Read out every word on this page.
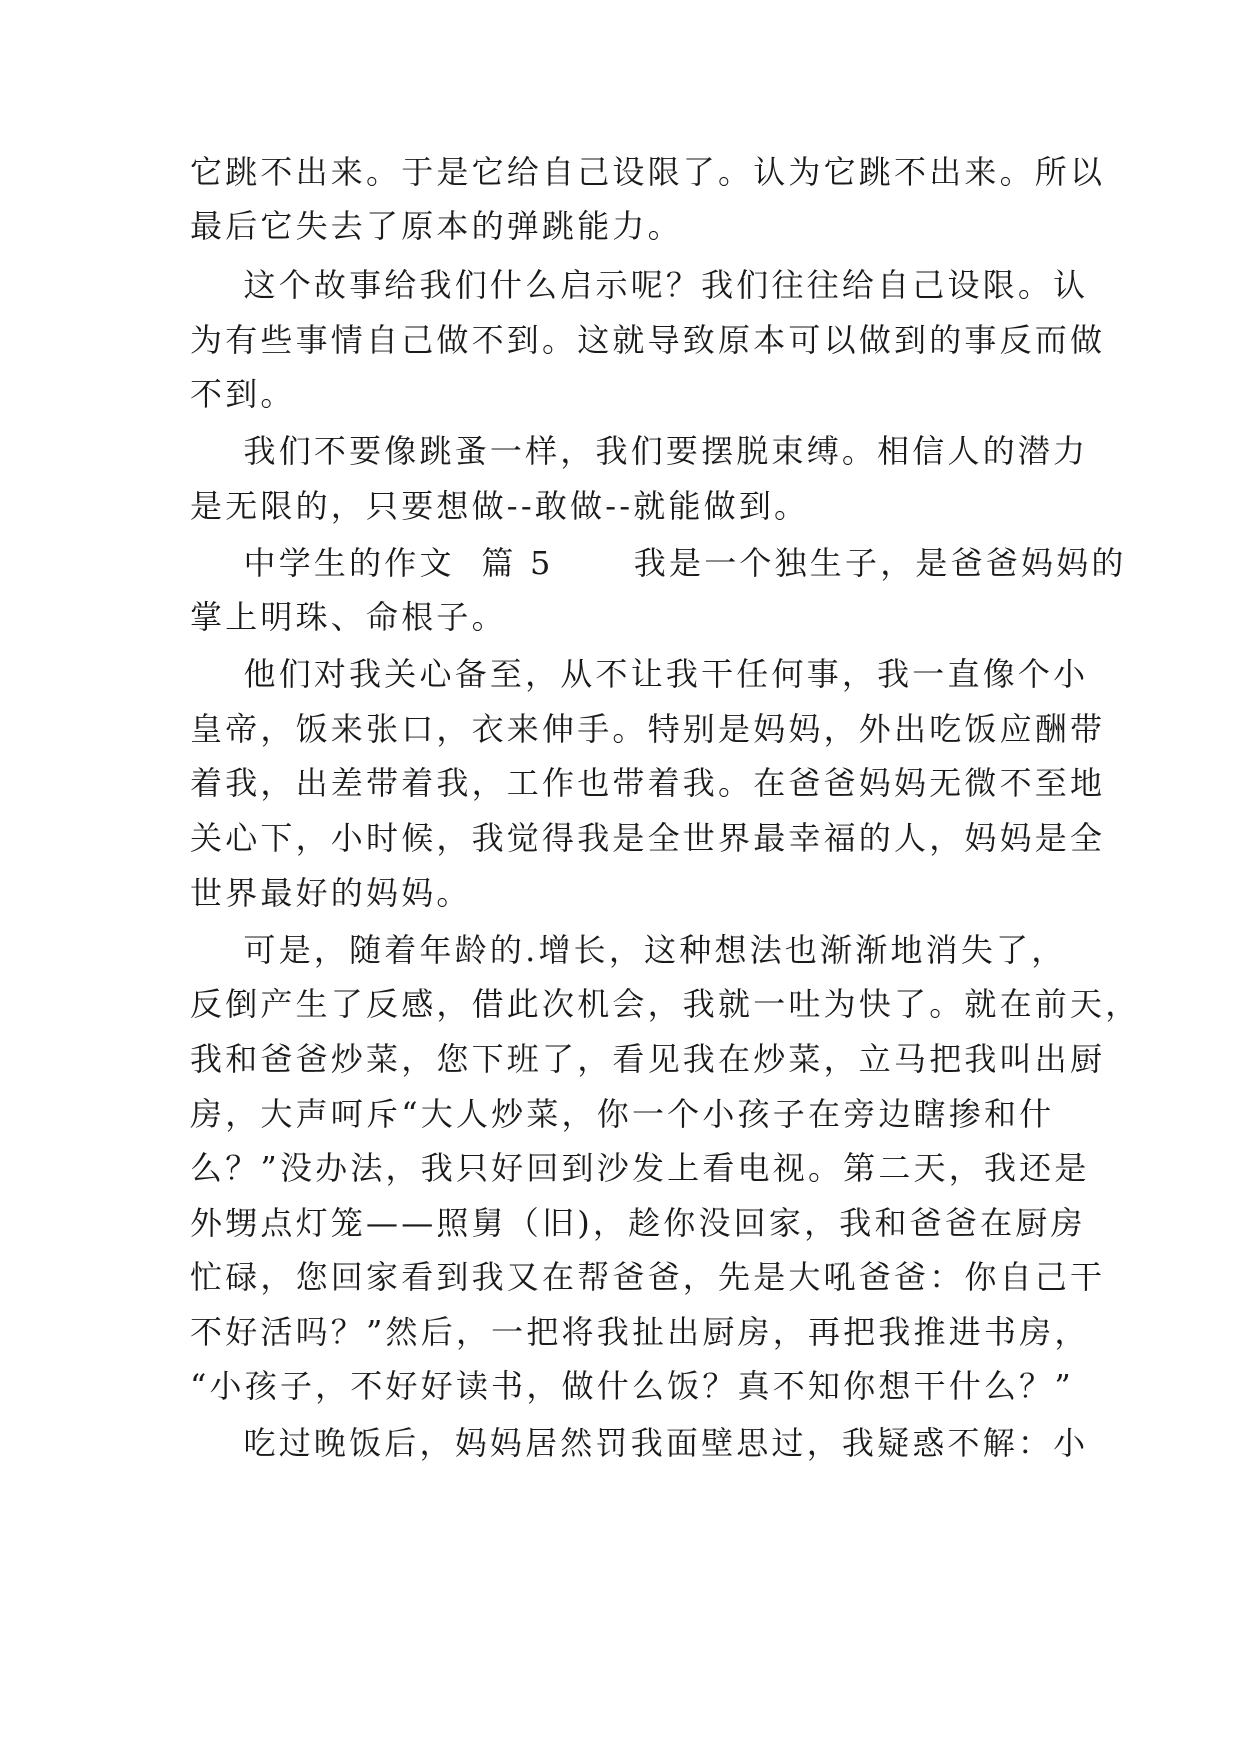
它跳不出来。于是它给自己设限了。认为它跳不出来。所以
最后它失去了原本的弹跳能力。
这个故事给我们什么启示呢？我们往往给自己设限。认
为有些事情自己做不到。这就导致原本可以做到的事反而做
不到。
我们不要像跳蚤一样，我们要摆脱束缚。相信人的潜力
是无限的，只要想做--敢做--就能做到。
中学生的作文  篇 5      我是一个独生子，是爸爸妈妈的
掌上明珠、命根子。
他们对我关心备至，从不让我干任何事，我一直像个小
皇帝，饭来张口，衣来伸手。特别是妈妈，外出吃饭应酬带
着我，出差带着我，工作也带着我。在爸爸妈妈无微不至地
关心下，小时候，我觉得我是全世界最幸福的人，妈妈是全
世界最好的妈妈。
可是，随着年龄的.增长，这种想法也渐渐地消失了，
反倒产生了反感，借此次机会，我就一吐为快了。就在前天，
我和爸爸炒菜，您下班了，看见我在炒菜，立马把我叫出厨
房，大声呵斥“大人炒菜，你一个小孩子在旁边瞎掺和什
么？”没办法，我只好回到沙发上看电视。第二天，我还是
外甥点灯笼——照舅（旧)，趁你没回家，我和爸爸在厨房
忙碌，您回家看到我又在帮爸爸，先是大吼爸爸：你自己干
不好活吗？”然后，一把将我扯出厨房，再把我推进书房，
“小孩子，不好好读书，做什么饭？真不知你想干什么？”
吃过晚饭后，妈妈居然罚我面壁思过，我疑惑不解：小
